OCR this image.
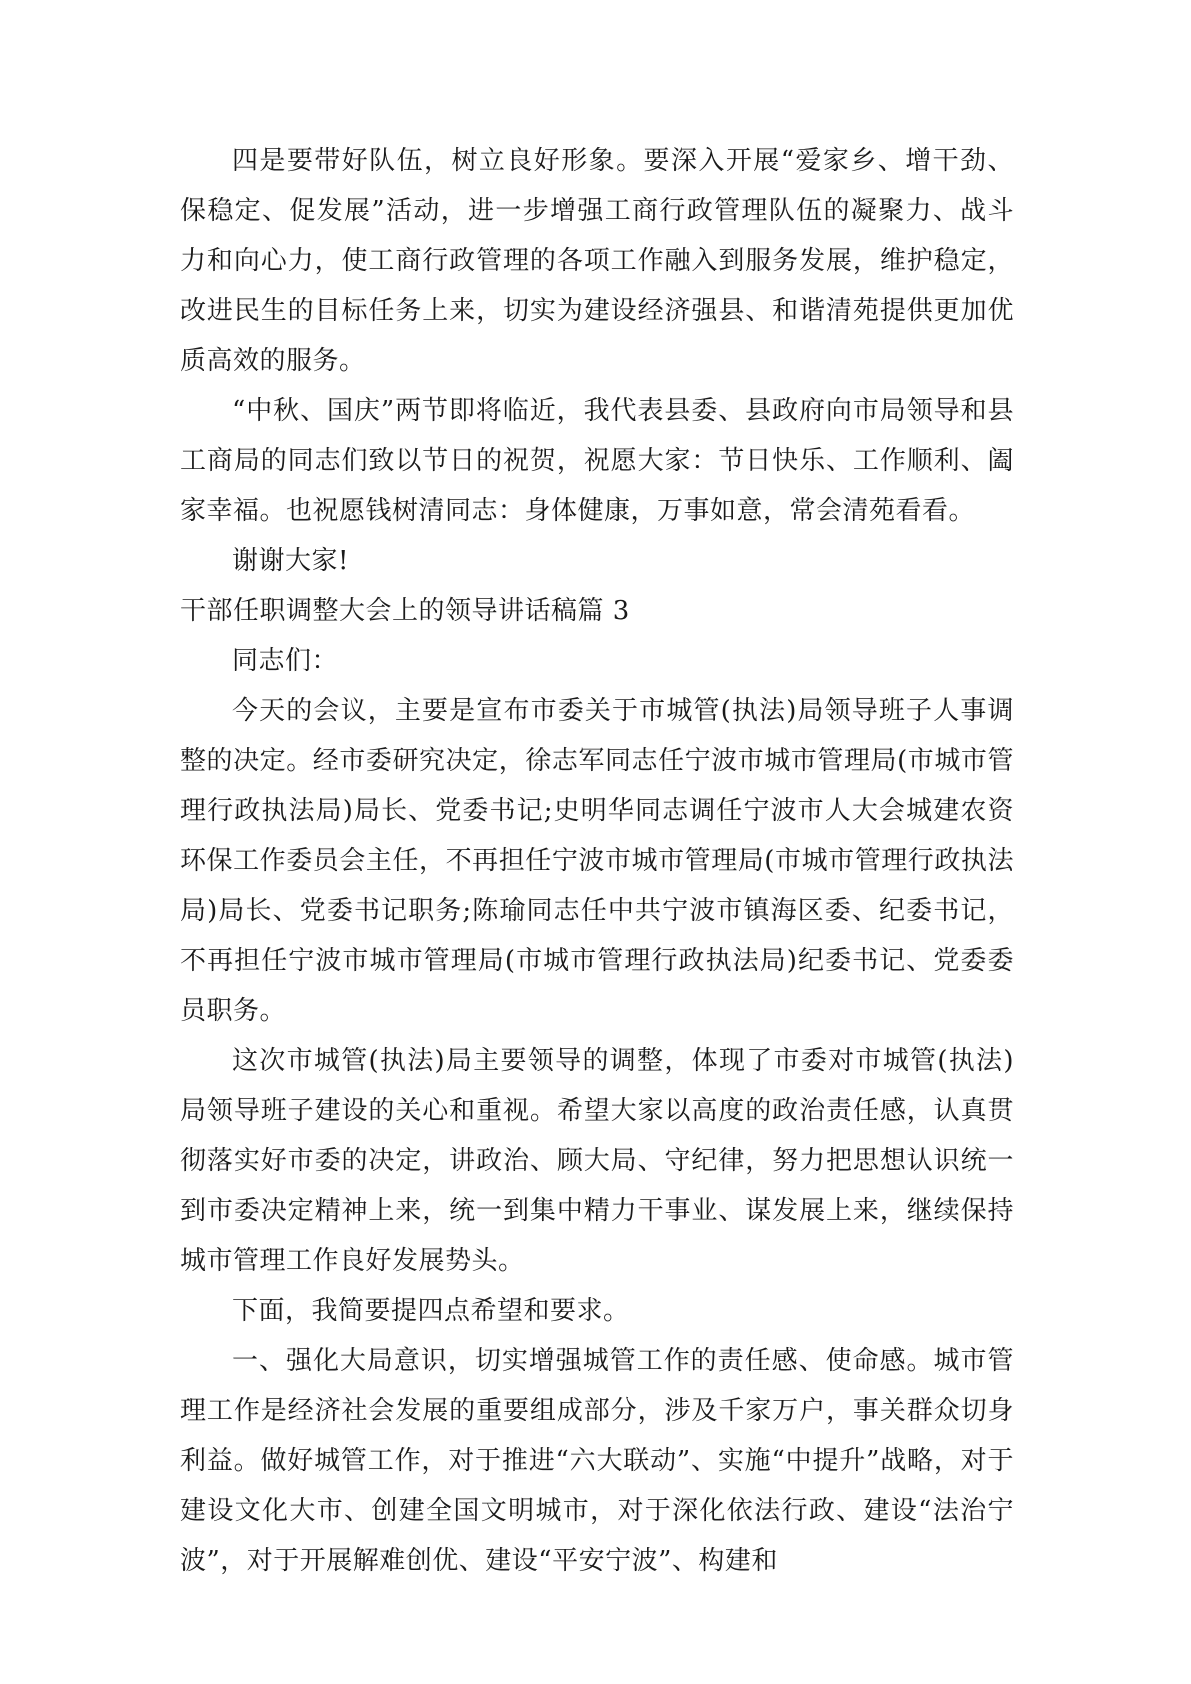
四是要带好队伍，树立良好形象。要深入开展“爱家乡、增干劲、保稳定、促发展”活动，进一步增强工商行政管理队伍的凝聚力、战斗力和向心力，使工商行政管理的各项工作融入到服务发展，维护稳定，改进民生的目标任务上来，切实为建设经济强县、和谐清苑提供更加优质高效的服务。

“中秋、国庆”两节即将临近，我代表县委、县政府向市局领导和县工商局的同志们致以节日的祝贺，祝愿大家：节日快乐、工作顺利、阖家幸福。也祝愿钱树清同志：身体健康，万事如意，常会清苑看看。

谢谢大家!

干部任职调整大会上的领导讲话稿篇 3

同志们：

今天的会议，主要是宣布市委关于市城管(执法)局领导班子人事调整的决定。经市委研究决定，徐志军同志任宁波市城市管理局(市城市管理行政执法局)局长、党委书记;史明华同志调任宁波市人大会城建农资环保工作委员会主任，不再担任宁波市城市管理局(市城市管理行政执法局)局长、党委书记职务;陈瑜同志任中共宁波市镇海区委、纪委书记，不再担任宁波市城市管理局(市城市管理行政执法局)纪委书记、党委委员职务。

这次市城管(执法)局主要领导的调整，体现了市委对市城管(执法)局领导班子建设的关心和重视。希望大家以高度的政治责任感，认真贯彻落实好市委的决定，讲政治、顾大局、守纪律，努力把思想认识统一到市委决定精神上来，统一到集中精力干事业、谋发展上来，继续保持城市管理工作良好发展势头。

下面，我简要提四点希望和要求。

一、强化大局意识，切实增强城管工作的责任感、使命感。城市管理工作是经济社会发展的重要组成部分，涉及千家万户，事关群众切身利益。做好城管工作，对于推进“六大联动”、实施“中提升”战略，对于建设文化大市、创建全国文明城市，对于深化依法行政、建设“法治宁波”，对于开展解难创优、建设“平安宁波”、构建和
